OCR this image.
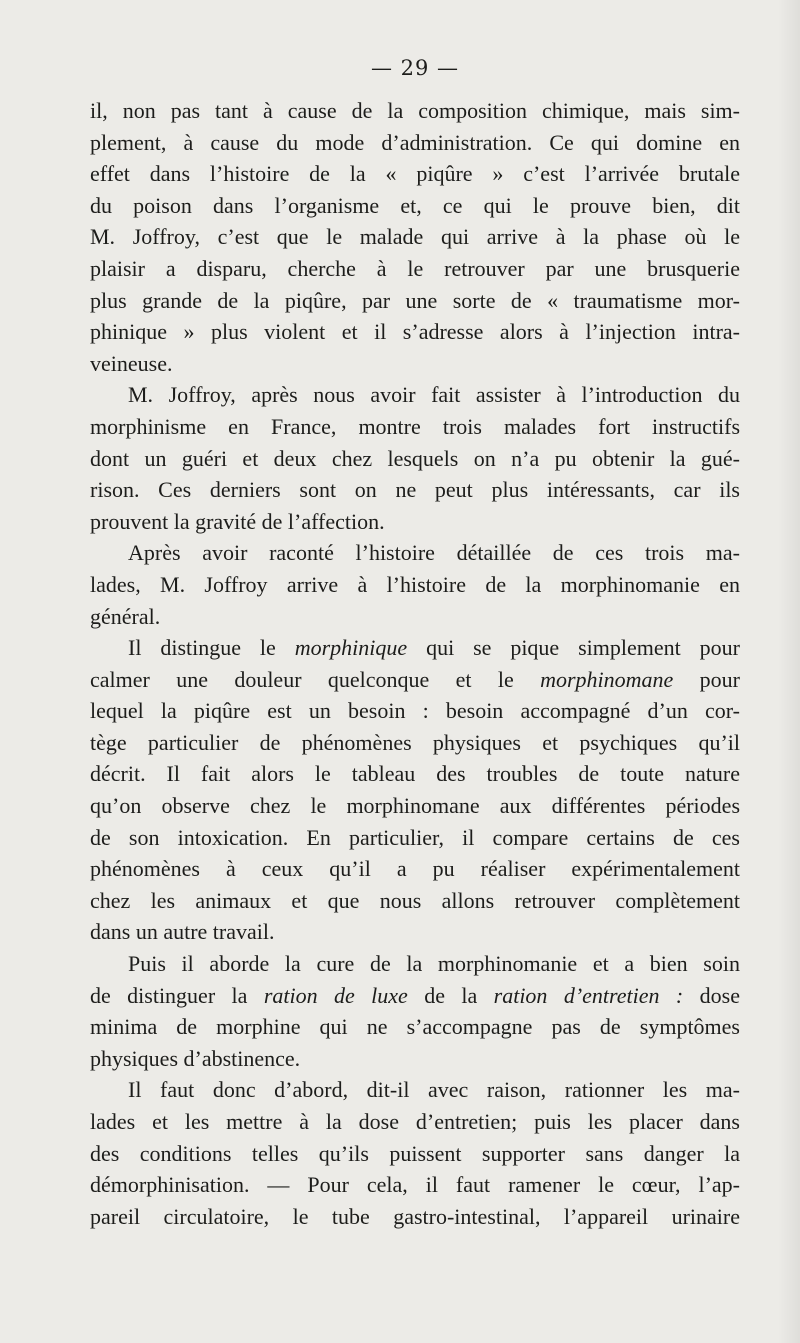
— 29 —
il, non pas tant à cause de la composition chimique, mais sim-
plement, à cause du mode d’administration. Ce qui domine en
effet dans l’histoire de la « piqûre » c’est l’arrivée brutale
du poison dans l’organisme et, ce qui le prouve bien, dit
M. Joffroy, c’est que le malade qui arrive à la phase où le
plaisir a disparu, cherche à le retrouver par une brusquerie
plus grande de la piqûre, par une sorte de « traumatisme mor-
phinique » plus violent et il s’adresse alors à l’injection intra-
veineuse.
M. Joffroy, après nous avoir fait assister à l’introduction du
morphinisme en France, montre trois malades fort instructifs
dont un guéri et deux chez lesquels on n’a pu obtenir la gué-
rison. Ces derniers sont on ne peut plus intéressants, car ils
prouvent la gravité de l’affection.
Après avoir raconté l’histoire détaillée de ces trois ma-
lades, M. Joffroy arrive à l’histoire de la morphinomanie en
général.
Il distingue le morphinique qui se pique simplement pour
calmer une douleur quelconque et le morphinomane pour
lequel la piqûre est un besoin : besoin accompagné d’un cor-
tège particulier de phénomènes physiques et psychiques qu’il
décrit. Il fait alors le tableau des troubles de toute nature
qu’on observe chez le morphinomane aux différentes périodes
de son intoxication. En particulier, il compare certains de ces
phénomènes à ceux qu’il a pu réaliser expérimentalement
chez les animaux et que nous allons retrouver complètement
dans un autre travail.
Puis il aborde la cure de la morphinomanie et a bien soin
de distinguer la ration de luxe de la ration d’entretien : dose
minima de morphine qui ne s’accompagne pas de symptômes
physiques d’abstinence.
Il faut donc d’abord, dit-il avec raison, rationner les ma-
lades et les mettre à la dose d’entretien; puis les placer dans
des conditions telles qu’ils puissent supporter sans danger la
démorphinisation. — Pour cela, il faut ramener le cœur, l’ap-
pareil circulatoire, le tube gastro-intestinal, l’appareil urinaire
